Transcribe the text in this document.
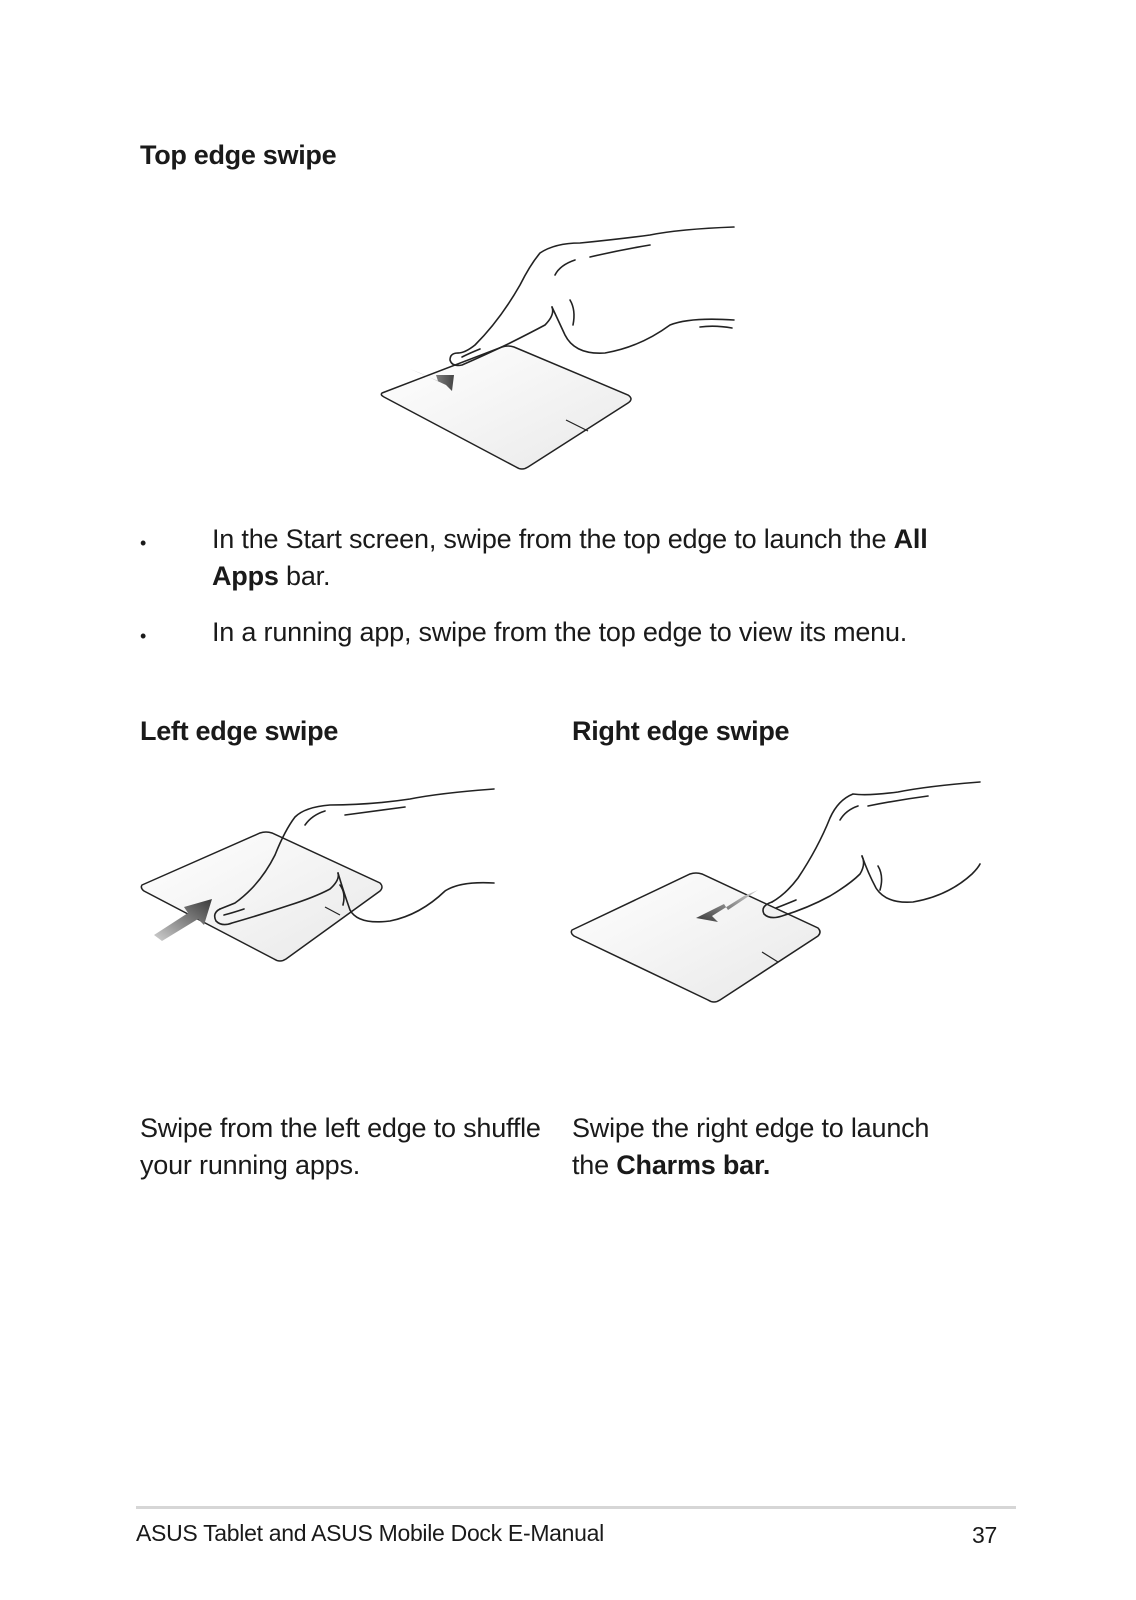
Top edge swipe
• In the Start screen, swipe from the top edge to launch the All
Apps bar.
• In a running app, swipe from the top edge to view its menu.
Left edge swipe
Swipe from the left edge to shuffle
your running apps.
Right edge swipe
Swipe the right edge to launch
the Charms bar.
ASUS Tablet and ASUS Mobile Dock E-Manual	37
